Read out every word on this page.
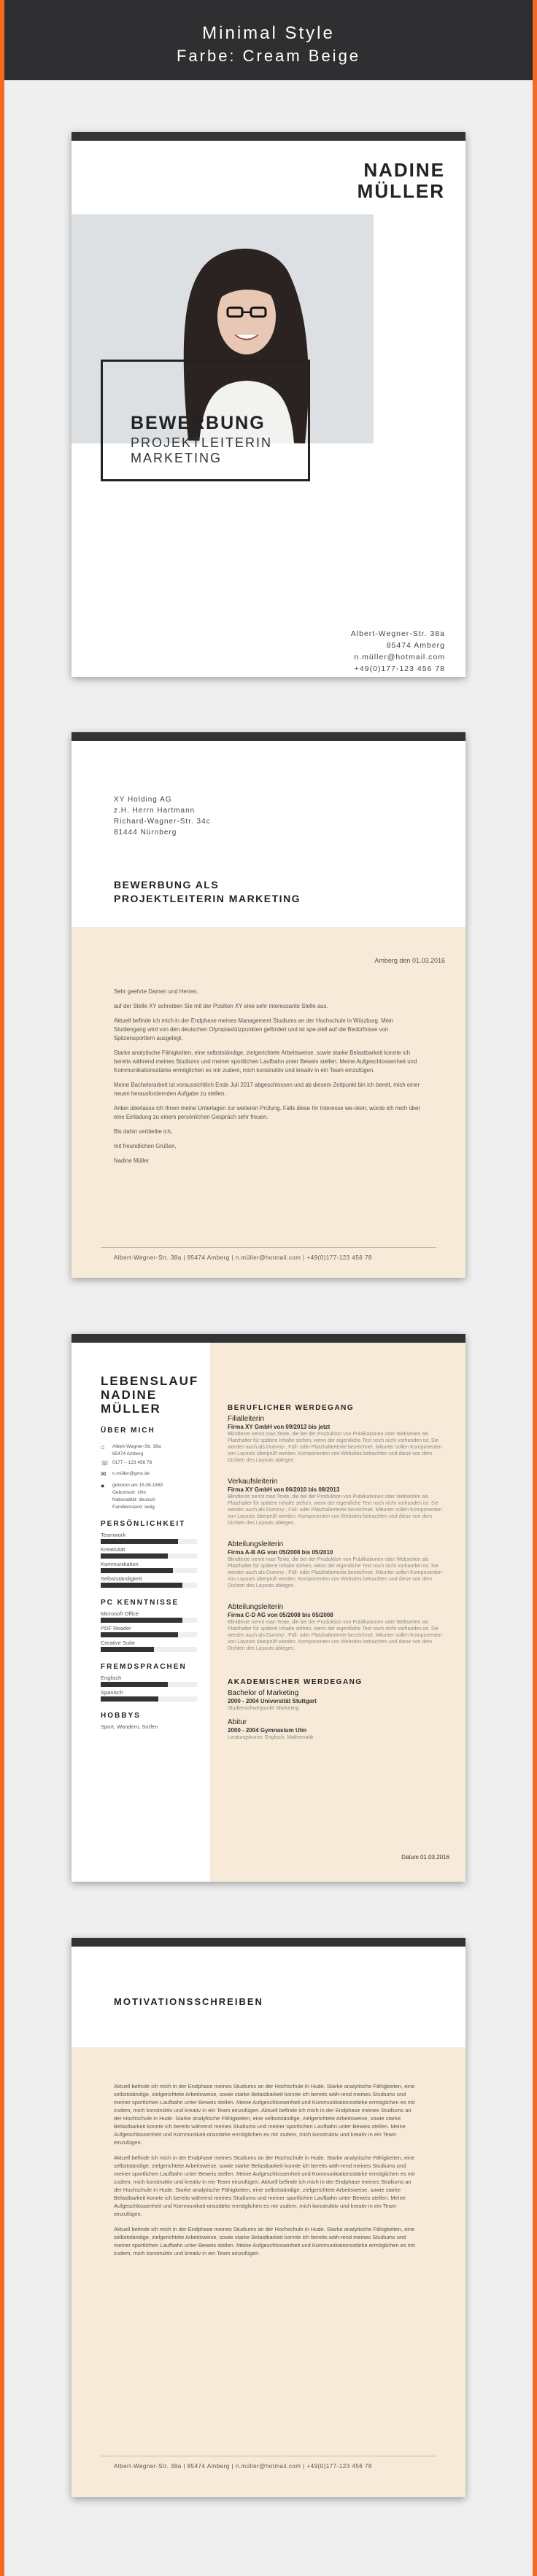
Minimal Style
Farbe: Cream Beige
NADINE
MÜLLER
BEWERBUNG
PROJEKTLEITERIN
MARKETING
Albert-Wegner-Str. 38a
85474 Amberg
n.müller@hotmail.com
+49(0)177-123 456 78
XY Holding AG
z.H. Herrn Hartmann
Richard-Wagner-Str. 34c
81444 Nürnberg
BEWERBUNG ALS
PROJEKTLEITERIN MARKETING
Amberg den 01.03.2016

Sehr geehrte Damen und Herren,

auf der Stelle XY schreiben Sie mit der Position XY eine sehr interessante Stelle aus.

Aktuell befinde ich mich in der Endphase meines Management Studiums an der Hochschule in Würzburg. Mein Studiengang wird von den deutschen Olympiastützpunkten gefördert und ist spe-ziell auf die Bedürfnisse von Spitzensportlern ausgelegt.

Starke analytische Fähigkeiten, eine selbstständige, zielgerichtete Arbeitsweise, sowie starke Belastbarkeit konnte ich bereits während meines Studiums und meiner sportlichen Laufbahn unter Beweis stellen. Meine Aufgeschlossenheit und Kommunikationsstärke ermöglichen es mir zudem, mich konstruktiv und kreativ in ein Team einzufügen.

Meine Bachelorarbeit ist voraussichtlich Ende Juli 2017 abgeschlossen und ab diesem Zeitpunkt bin ich bereit, mich einer neuen herausfordernden Aufgabe zu stellen.

Anbei überlasse ich Ihnen meine Unterlagen zur weiteren Prüfung. Falls diese Ihr Interesse we-cken, würde ich mich über eine Einladung zu einem persönlichen Gespräch sehr freuen.

Bis dahin verbleibe ich,

mit freundlichen Grüßen,

Nadine Müller

Albert-Wegner-Str. 38a | 85474 Amberg | n.müller@hotmail.com | +49(0)177-123 456 78
LEBENSLAUF
NADINE
MÜLLER
ÜBER MICH
⌂ Albert-Wegner-Str. 38a
85474 Amberg
☏ 0177 – 123 456 78
✉ n.müller@gmx.de
● geboren am 15.06.1989
Geburtsort: Ulm
Nationalität: deutsch
Familienstand: ledig
PERSÖNLICHKEIT
Teamwork
Kreativität
Kommunikation
Selbstständigkeit
PC KENNTNISSE
Microsoft Office
PDF Reader
Creative Suite
FREMDSPRACHEN
Englisch
Spanisch
HOBBYS
Sport, Wandern, Surfen
BERUFLICHER WERDEGANG
Filialleiterin
Firma XY GmbH von 09/2013 bis jetzt
Blindtexte nennt man Texte, die bei der Produktion von Publikationen oder Webseiten als Platzhalter für spätere Inhalte stehen, wenn der eigentliche Text noch nicht vorhanden ist. Sie werden auch als Dummy-, Füll- oder Platzhaltertexte bezeichnet. Mitunter sollen Komponenten von Layouts überprüft werden. Komponenten von Websites betrachten und diese von dem Dichten des Layouts ablegen.
Verkaufsleiterin
Firma XY GmbH von 06/2010 bis 08/2013
Blindtexte nennt man Texte, die bei der Produktion von Publikationen oder Webseiten als Platzhalter für spätere Inhalte stehen, wenn der eigentliche Text noch nicht vorhanden ist. Sie werden auch als Dummy-, Füll- oder Platzhaltertexte bezeichnet. Mitunter sollen Komponenten von Layouts überprüft werden. Komponenten von Websites betrachten und diese von dem Dichten des Layouts ablegen.
Abteilungsleiterin
Firma A-B AG von 05/2008 bis 05/2010
Blindtexte nennt man Texte, die bei der Produktion von Publikationen oder Webseiten als Platzhalter für spätere Inhalte stehen, wenn der eigentliche Text noch nicht vorhanden ist. Sie werden auch als Dummy-, Füll- oder Platzhaltertexte bezeichnet. Mitunter sollen Komponenten von Layouts überprüft werden. Komponenten von Websites betrachten und diese von dem Dichten des Layouts ablegen.
Abteilungsleiterin
Firma C-D AG von 05/2008 bis 05/2008
Blindtexte nennt man Texte, die bei der Produktion von Publikationen oder Webseiten als Platzhalter für spätere Inhalte stehen, wenn der eigentliche Text noch nicht vorhanden ist. Sie werden auch als Dummy-, Füll- oder Platzhaltertexte bezeichnet. Mitunter sollen Komponenten von Layouts überprüft werden. Komponenten von Websites betrachten und diese von dem Dichten des Layouts ablegen.
AKADEMISCHER WERDEGANG
Bachelor of Marketing
2000 - 2004 Universität Stuttgart
Studienschwerpunkt: Marketing
Abitur
2000 - 2004 Gymnasium Ulm
Leistungskurse: Englisch, Mathematik
Datum 01.03.2016
MOTIVATIONSSCHREIBEN

Aktuell befinde ich mich in der Endphase meines Studiums an der Hochschule in Hude. Starke analytische Fähigkeiten, eine selbstständige, zielgerichtete Arbeitsweise, sowie starke Belastbarkeit konnte ich bereits wäh-rend meines Studiums und meiner sportlichen Laufbahn unter Beweis stellen. Meine Aufgeschlossenheit und Kommunikationsstärke ermöglichen es mir zudem, mich konstruktiv und kreativ in ein Team einzufügen. Aktuell befinde ich mich in der Endphase meines Studiums an der Hochschule in Hude. Starke analytische Fähigkeiten, eine selbstständige, zielgerichtete Arbeitsweise, sowie starke Belastbarkeit konnte ich bereits während meines Studiums und meiner sportlichen Laufbahn unter Beweis stellen. Meine Aufgeschlossenheit und Kommunikati-onsstärke ermöglichen es mir zudem, mich konstruktiv und kreativ in ein Team einzufügen.

Aktuell befinde ich mich in der Endphase meines Studiums an der Hochschule in Hude. Starke analytische Fähigkeiten, eine selbstständige, zielgerichtete Arbeitsweise, sowie starke Belastbarkeit konnte ich bereits wäh-rend meines Studiums und meiner sportlichen Laufbahn unter Beweis stellen. Meine Aufgeschlossenheit und Kommunikationsstärke ermöglichen es mir zudem, mich konstruktiv und kreativ in ein Team einzufügen. Aktuell befinde ich mich in der Endphase meines Studiums an der Hochschule in Hude. Starke analytische Fähigkeiten, eine selbstständige, zielgerichtete Arbeitsweise, sowie starke Belastbarkeit konnte ich bereits während meines Studiums und meiner sportlichen Laufbahn unter Beweis stellen. Meine Aufgeschlossenheit und Kommunikati-onsstärke ermöglichen es mir zudem, mich konstruktiv und kreativ in ein Team einzufügen.

Aktuell befinde ich mich in der Endphase meines Studiums an der Hochschule in Hude. Starke analytische Fähigkeiten, eine selbstständige, zielgerichtete Arbeitsweise, sowie starke Belastbarkeit konnte ich bereits wäh-rend meines Studiums und meiner sportlichen Laufbahn unter Beweis stellen. Meine Aufgeschlossenheit und Kommunikationsstärke ermöglichen es mir zudem, mich konstruktiv und kreativ in ein Team einzufügen.

Albert-Wegner-Str. 38a | 85474 Amberg | n.müller@hotmail.com | +49(0)177-123 456 78
